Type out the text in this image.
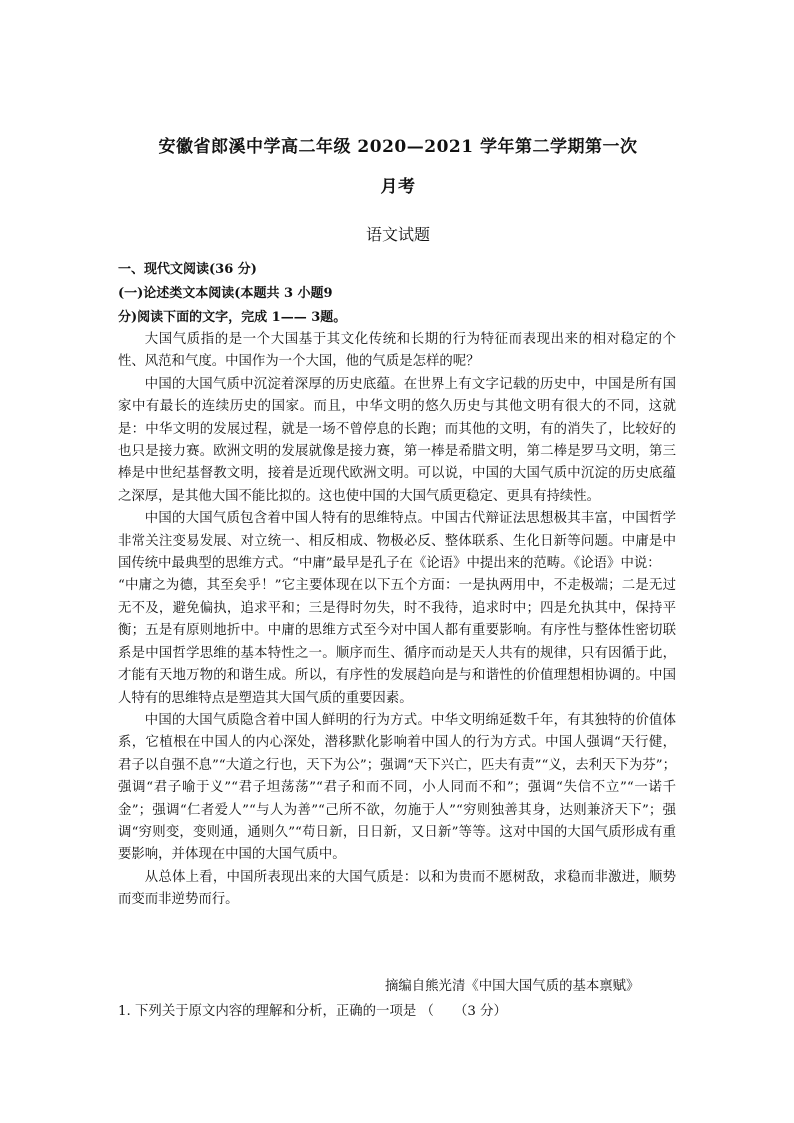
安徽省郎溪中学高二年级 2020—2021 学年第二学期第一次
月考
语文试题
一、现代文阅读(36 分)
(一)论述类文本阅读(本题共 3 小题9
分)阅读下面的文字，完成 1—— 3题。

大国气质指的是一个大国基于其文化传统和长期的行为特征而表现出来的相对稳定的个性、风范和气度。中国作为一个大国，他的气质是怎样的呢？

中国的大国气质中沉淀着深厚的历史底蕴。在世界上有文字记载的历史中，中国是所有国家中有最长的连续历史的国家。而且，中华文明的悠久历史与其他文明有很大的不同，这就是：中华文明的发展过程，就是一场不曾停息的长跑；而其他的文明，有的消失了，比较好的也只是接力赛。欧洲文明的发展就像是接力赛，第一棒是希腊文明，第二棒是罗马文明，第三棒是中世纪基督教文明，接着是近现代欧洲文明。可以说，中国的大国气质中沉淀的历史底蕴之深厚，是其他大国不能比拟的。这也使中国的大国气质更稳定、更具有持续性。

中国的大国气质包含着中国人特有的思维特点。中国古代辩证法思想极其丰富，中国哲学非常关注变易发展、对立统一、相反相成、物极必反、整体联系、生化日新等问题。中庸是中国传统中最典型的思维方式。“中庸”最早是孔子在《论语》中提出来的范畴。《论语》中说：

“中庸之为德，其至矣乎！”它主要体现在以下五个方面：一是执两用中，不走极端；二是无过无不及，避免偏执，追求平和；三是得时勿失，时不我待，追求时中；四是允执其中，保持平衡；五是有原则地折中。中庸的思维方式至今对中国人都有重要影响。有序性与整体性密切联系是中国哲学思维的基本特性之一。顺序而生、循序而动是天人共有的规律，只有因循于此，才能有天地万物的和谐生成。所以，有序性的发展趋向是与和谐性的价值理想相协调的。中国人特有的思维特点是塑造其大国气质的重要因素。

中国的大国气质隐含着中国人鲜明的行为方式。中华文明绵延数千年，有其独特的价值体系，它植根在中国人的内心深处，潜移默化影响着中国人的行为方式。中国人强调“天行健， 君子以自强不息”“大道之行也，天下为公”；强调“天下兴亡，匹夫有责”“义，去利天下为芬”；强调“君子喻于义”“君子坦荡荡”“君子和而不同，小人同而不和”；强调“失信不立”“一诺千金”；强调“仁者爱人”“与人为善”“己所不欲，勿施于人”“穷则独善其身，达则兼济天下”；强调“穷则变，变则通，通则久”“苟日新，日日新，又日新”等等。这对中国的大国气质形成有重要影响，并体现在中国的大国气质中。

从总体上看，中国所表现出来的大国气质是：以和为贵而不愿树敌，求稳而非激进，顺势而变而非逆势而行。

摘编自熊光清《中国大国气质的基本禀赋》
1. 下列关于原文内容的理解和分析，正确的一项是 （　　（3 分）
